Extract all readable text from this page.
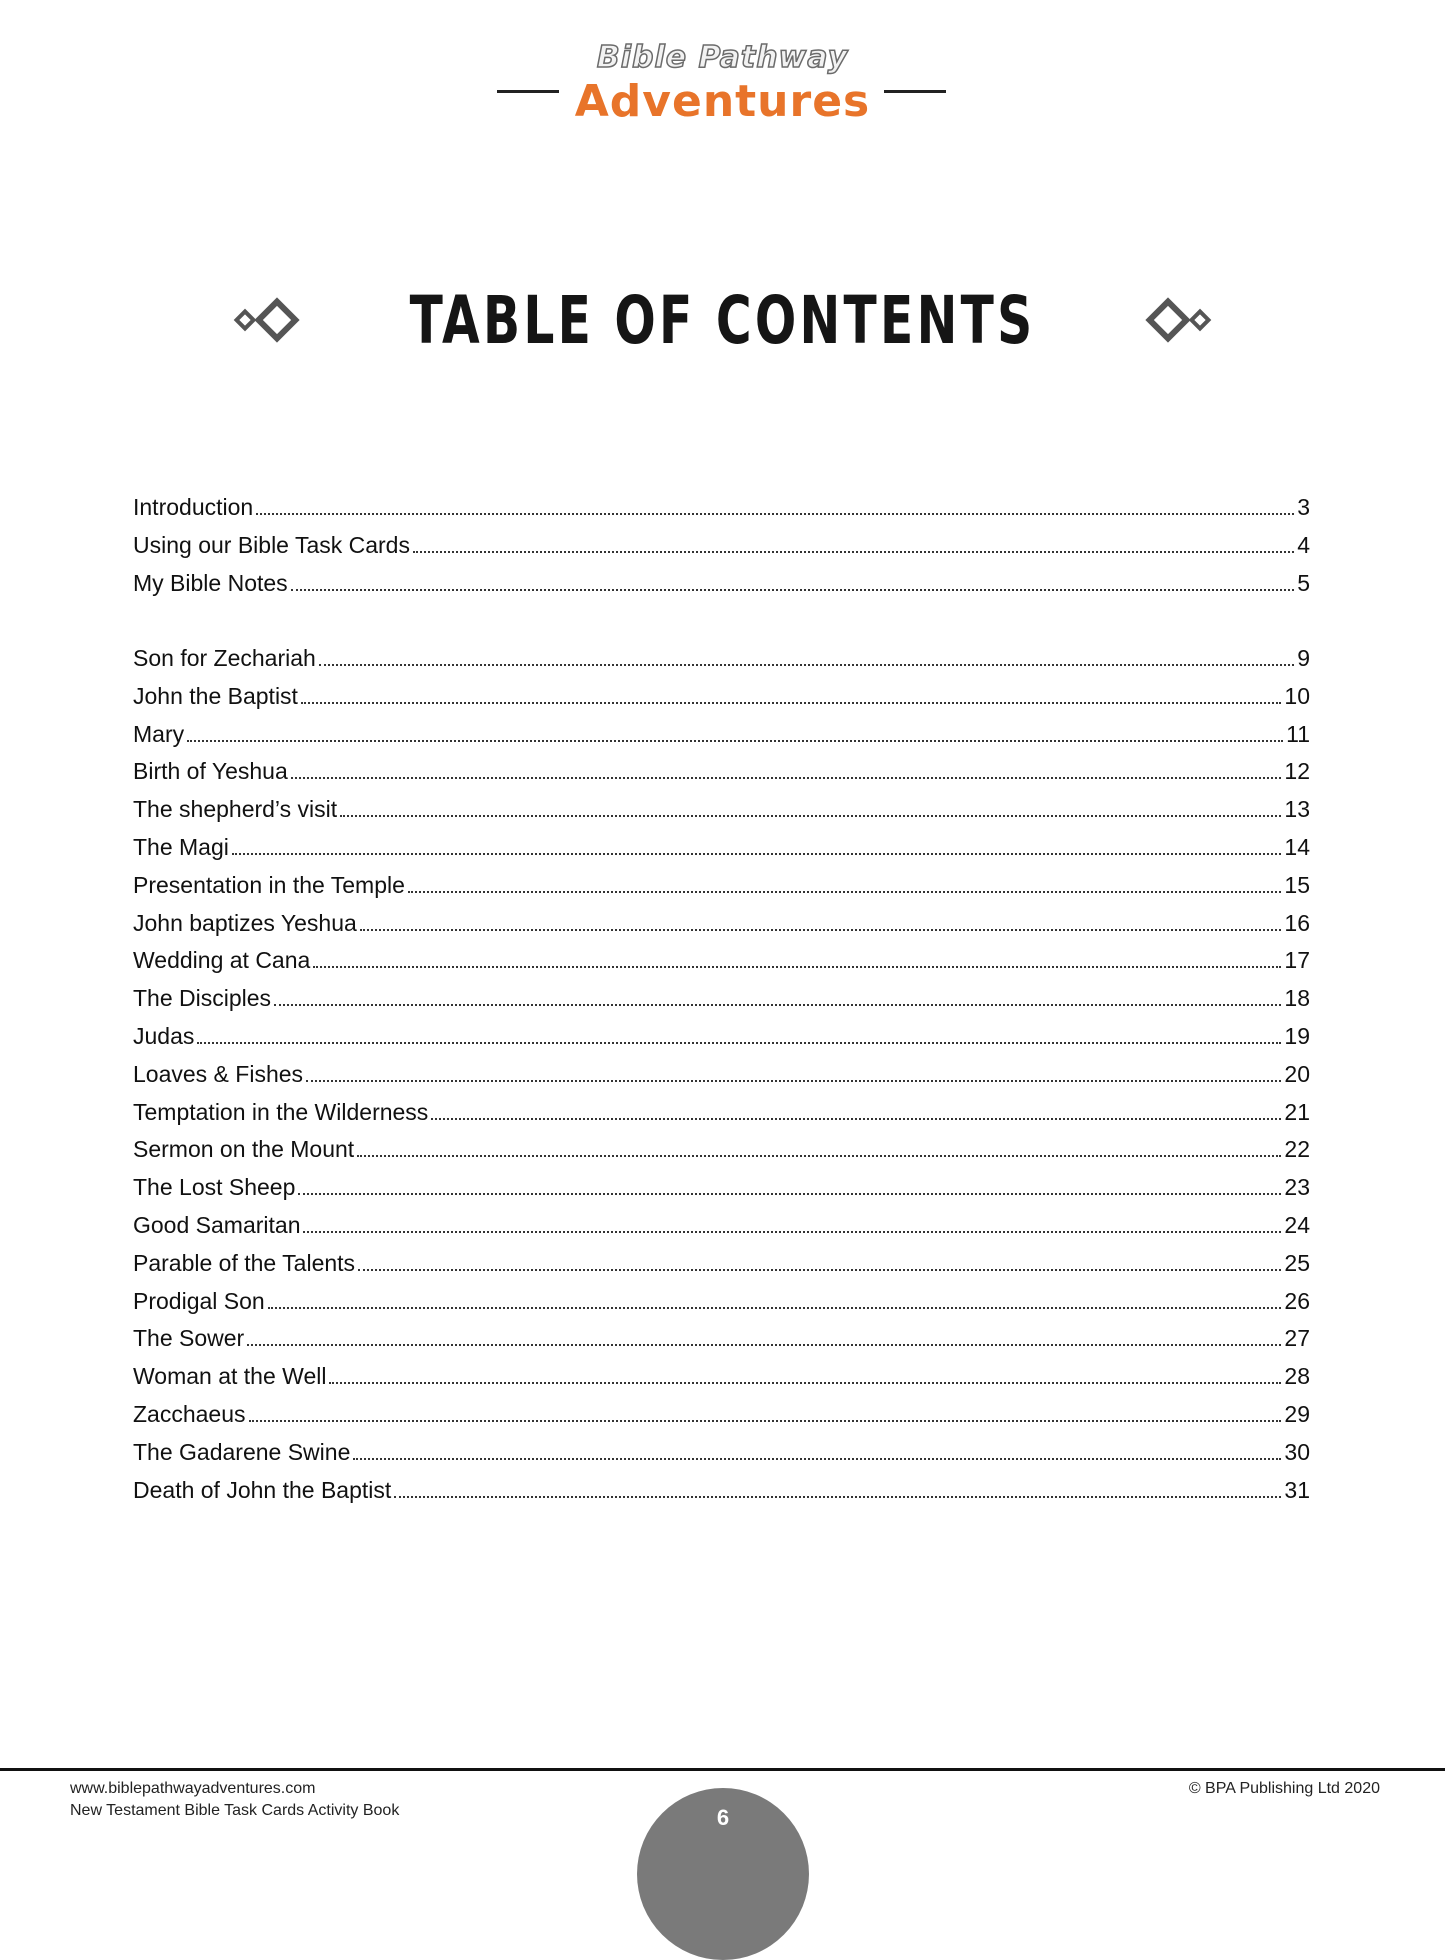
Bible Pathway
Adventures
TABLE OF CONTENTS
Introduction	3
Using our Bible Task Cards	4
My Bible Notes	5
Son for Zechariah	9
John the Baptist	10
Mary	11
Birth of Yeshua	12
The shepherd’s visit	13
The Magi	14
Presentation in the Temple	15
John baptizes Yeshua	16
Wedding at Cana	17
The Disciples	18
Judas	19
Loaves & Fishes	20
Temptation in the Wilderness	21
Sermon on the Mount	22
The Lost Sheep	23
Good Samaritan	24
Parable of the Talents	25
Prodigal Son	26
The Sower	27
Woman at the Well	28
Zacchaeus	29
The Gadarene Swine	30
Death of John the Baptist	31
www.biblepathwayadventures.com
New Testament Bible Task Cards Activity Book
© BPA Publishing Ltd 2020
6
